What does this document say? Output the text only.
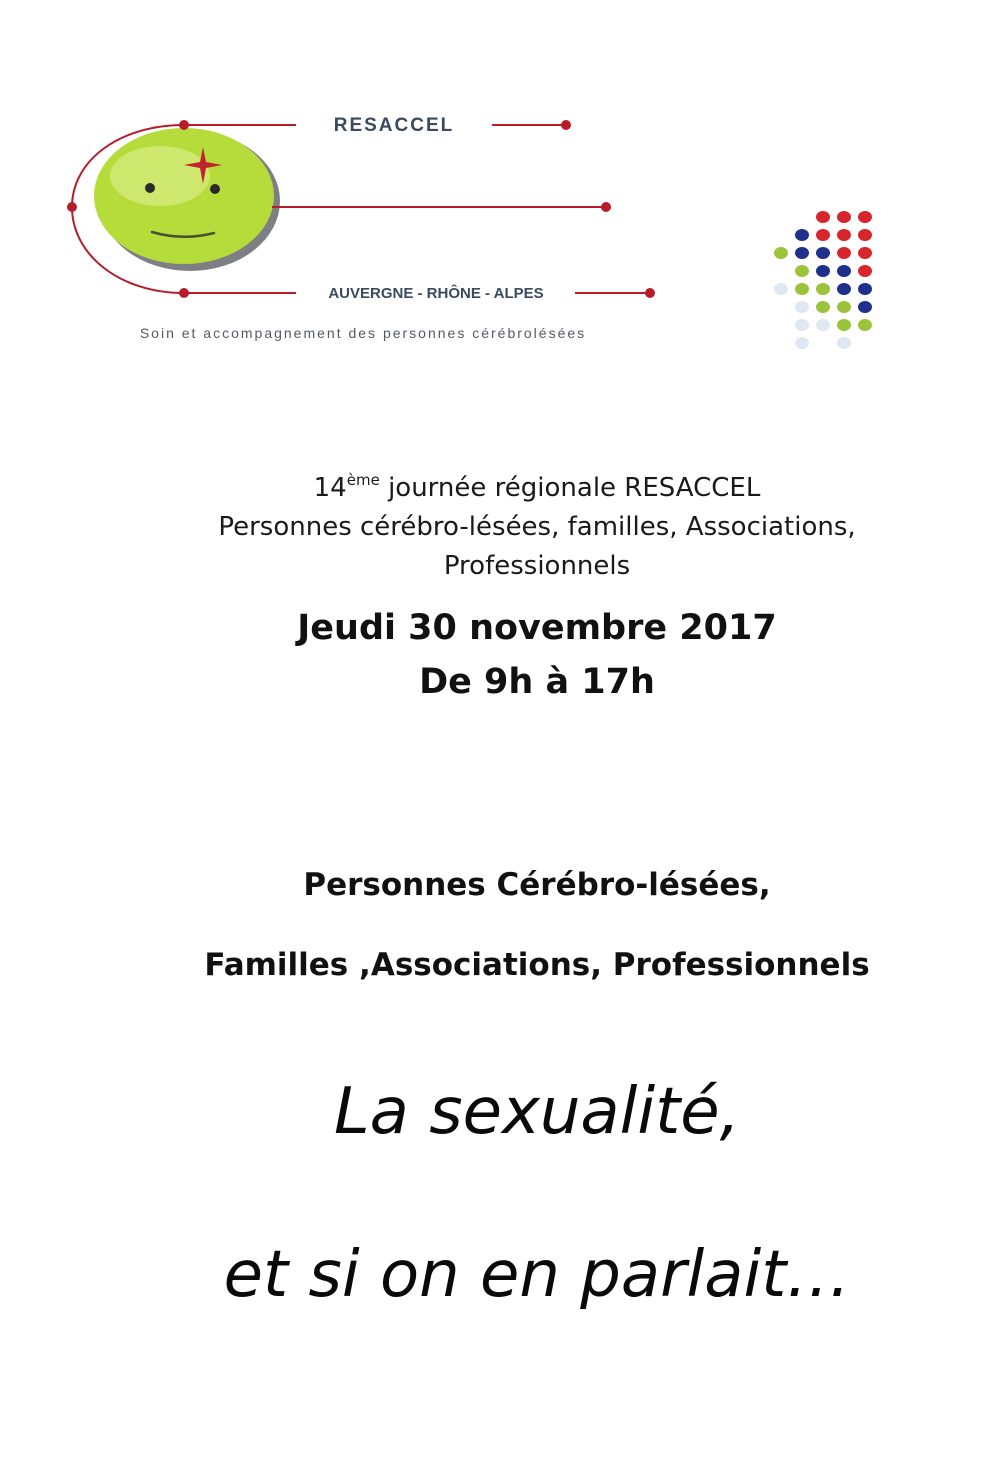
RESACCEL
AUVERGNE - RHÔNE - ALPES
Soin et accompagnement des personnes cérébrolésées
14ème journée régionale RESACCEL
Personnes cérébro-lésées, familles, Associations,
Professionnels
Jeudi 30 novembre 2017
De 9h à 17h
Personnes Cérébro-lésées,
Familles ,Associations, Professionnels
La sexualité,
et si on en parlait…
